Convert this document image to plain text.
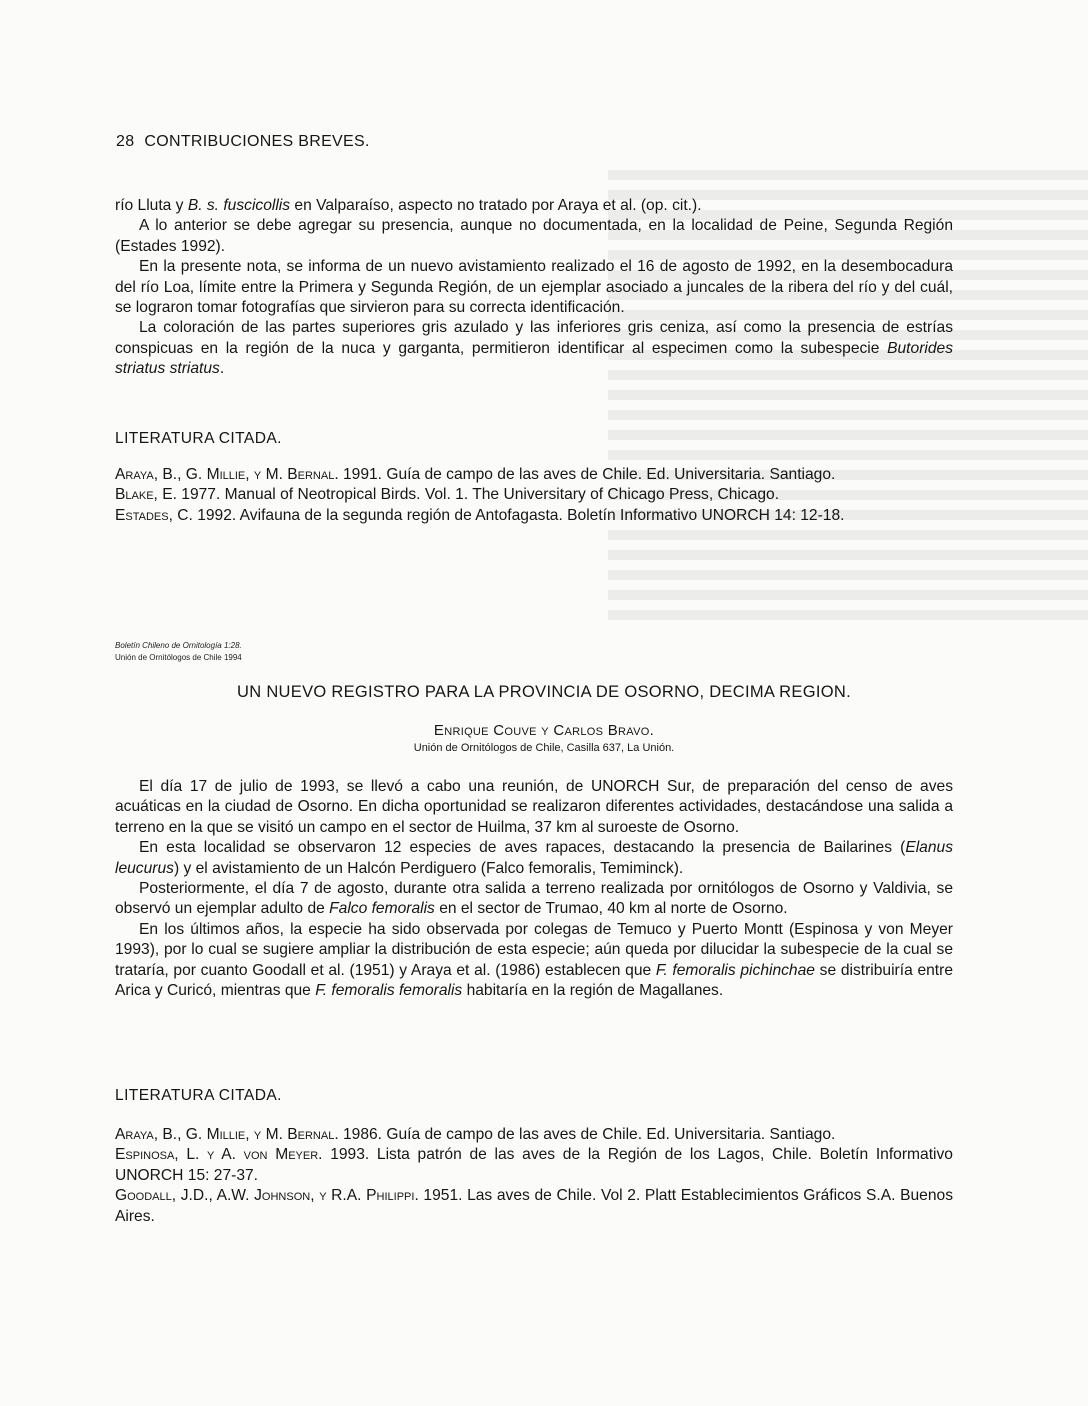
28 CONTRIBUCIONES BREVES.

río Lluta y B. s. fuscicollis en Valparaíso, aspecto no tratado por Araya et al. (op. cit.).

A lo anterior se debe agregar su presencia, aunque no documentada, en la localidad de Peine, Segunda Región (Estades 1992).

En la presente nota, se informa de un nuevo avistamiento realizado el 16 de agosto de 1992, en la desembocadura del río Loa, límite entre la Primera y Segunda Región, de un ejemplar asociado a juncales de la ribera del río y del cuál, se lograron tomar fotografías que sirvieron para su correcta identificación.

La coloración de las partes superiores gris azulado y las inferiores gris ceniza, así como la presencia de estrías conspicuas en la región de la nuca y garganta, permitieron identificar al especimen como la subespecie Butorides striatus striatus.

LITERATURA CITADA.

Araya, B., G. Millie, y M. Bernal. 1991. Guía de campo de las aves de Chile. Ed. Universitaria. Santiago.

Blake, E. 1977. Manual of Neotropical Birds. Vol. 1. The Universitary of Chicago Press, Chicago.

Estades, C. 1992. Avifauna de la segunda región de Antofagasta. Boletín Informativo UNORCH 14: 12-18.

Boletín Chileno de Ornitología 1:28.
Unión de Ornitólogos de Chile 1994
UN NUEVO REGISTRO PARA LA PROVINCIA DE OSORNO, DECIMA REGION.
Enrique Couve y Carlos Bravo.
Unión de Ornitólogos de Chile, Casilla 637, La Unión.

El día 17 de julio de 1993, se llevó a cabo una reunión, de UNORCH Sur, de preparación del censo de aves acuáticas en la ciudad de Osorno. En dicha oportunidad se realizaron diferentes actividades, destacándose una salida a terreno en la que se visitó un campo en el sector de Huilma, 37 km al suroeste de Osorno.

En esta localidad se observaron 12 especies de aves rapaces, destacando la presencia de Bailarines (Elanus leucurus) y el avistamiento de un Halcón Perdiguero (Falco femoralis, Temiminck).

Posteriormente, el día 7 de agosto, durante otra salida a terreno realizada por ornitólogos de Osorno y Valdivia, se observó un ejemplar adulto de Falco femoralis en el sector de Trumao, 40 km al norte de Osorno.

En los últimos años, la especie ha sido observada por colegas de Temuco y Puerto Montt (Espinosa y von Meyer 1993), por lo cual se sugiere ampliar la distribución de esta especie; aún queda por dilucidar la subespecie de la cual se trataría, por cuanto Goodall et al. (1951) y Araya et al. (1986) establecen que F. femoralis pichinchae se distribuiría entre Arica y Curicó, mientras que F. femoralis femoralis habitaría en la región de Magallanes.

LITERATURA CITADA.

Araya, B., G. Millie, y M. Bernal. 1986. Guía de campo de las aves de Chile. Ed. Universitaria. Santiago.

Espinosa, L. y A. von Meyer. 1993. Lista patrón de las aves de la Región de los Lagos, Chile. Boletín Informativo UNORCH 15: 27-37.

Goodall, J.D., A.W. Johnson, y R.A. Philippi. 1951. Las aves de Chile. Vol 2. Platt Establecimientos Gráficos S.A. Buenos Aires.
